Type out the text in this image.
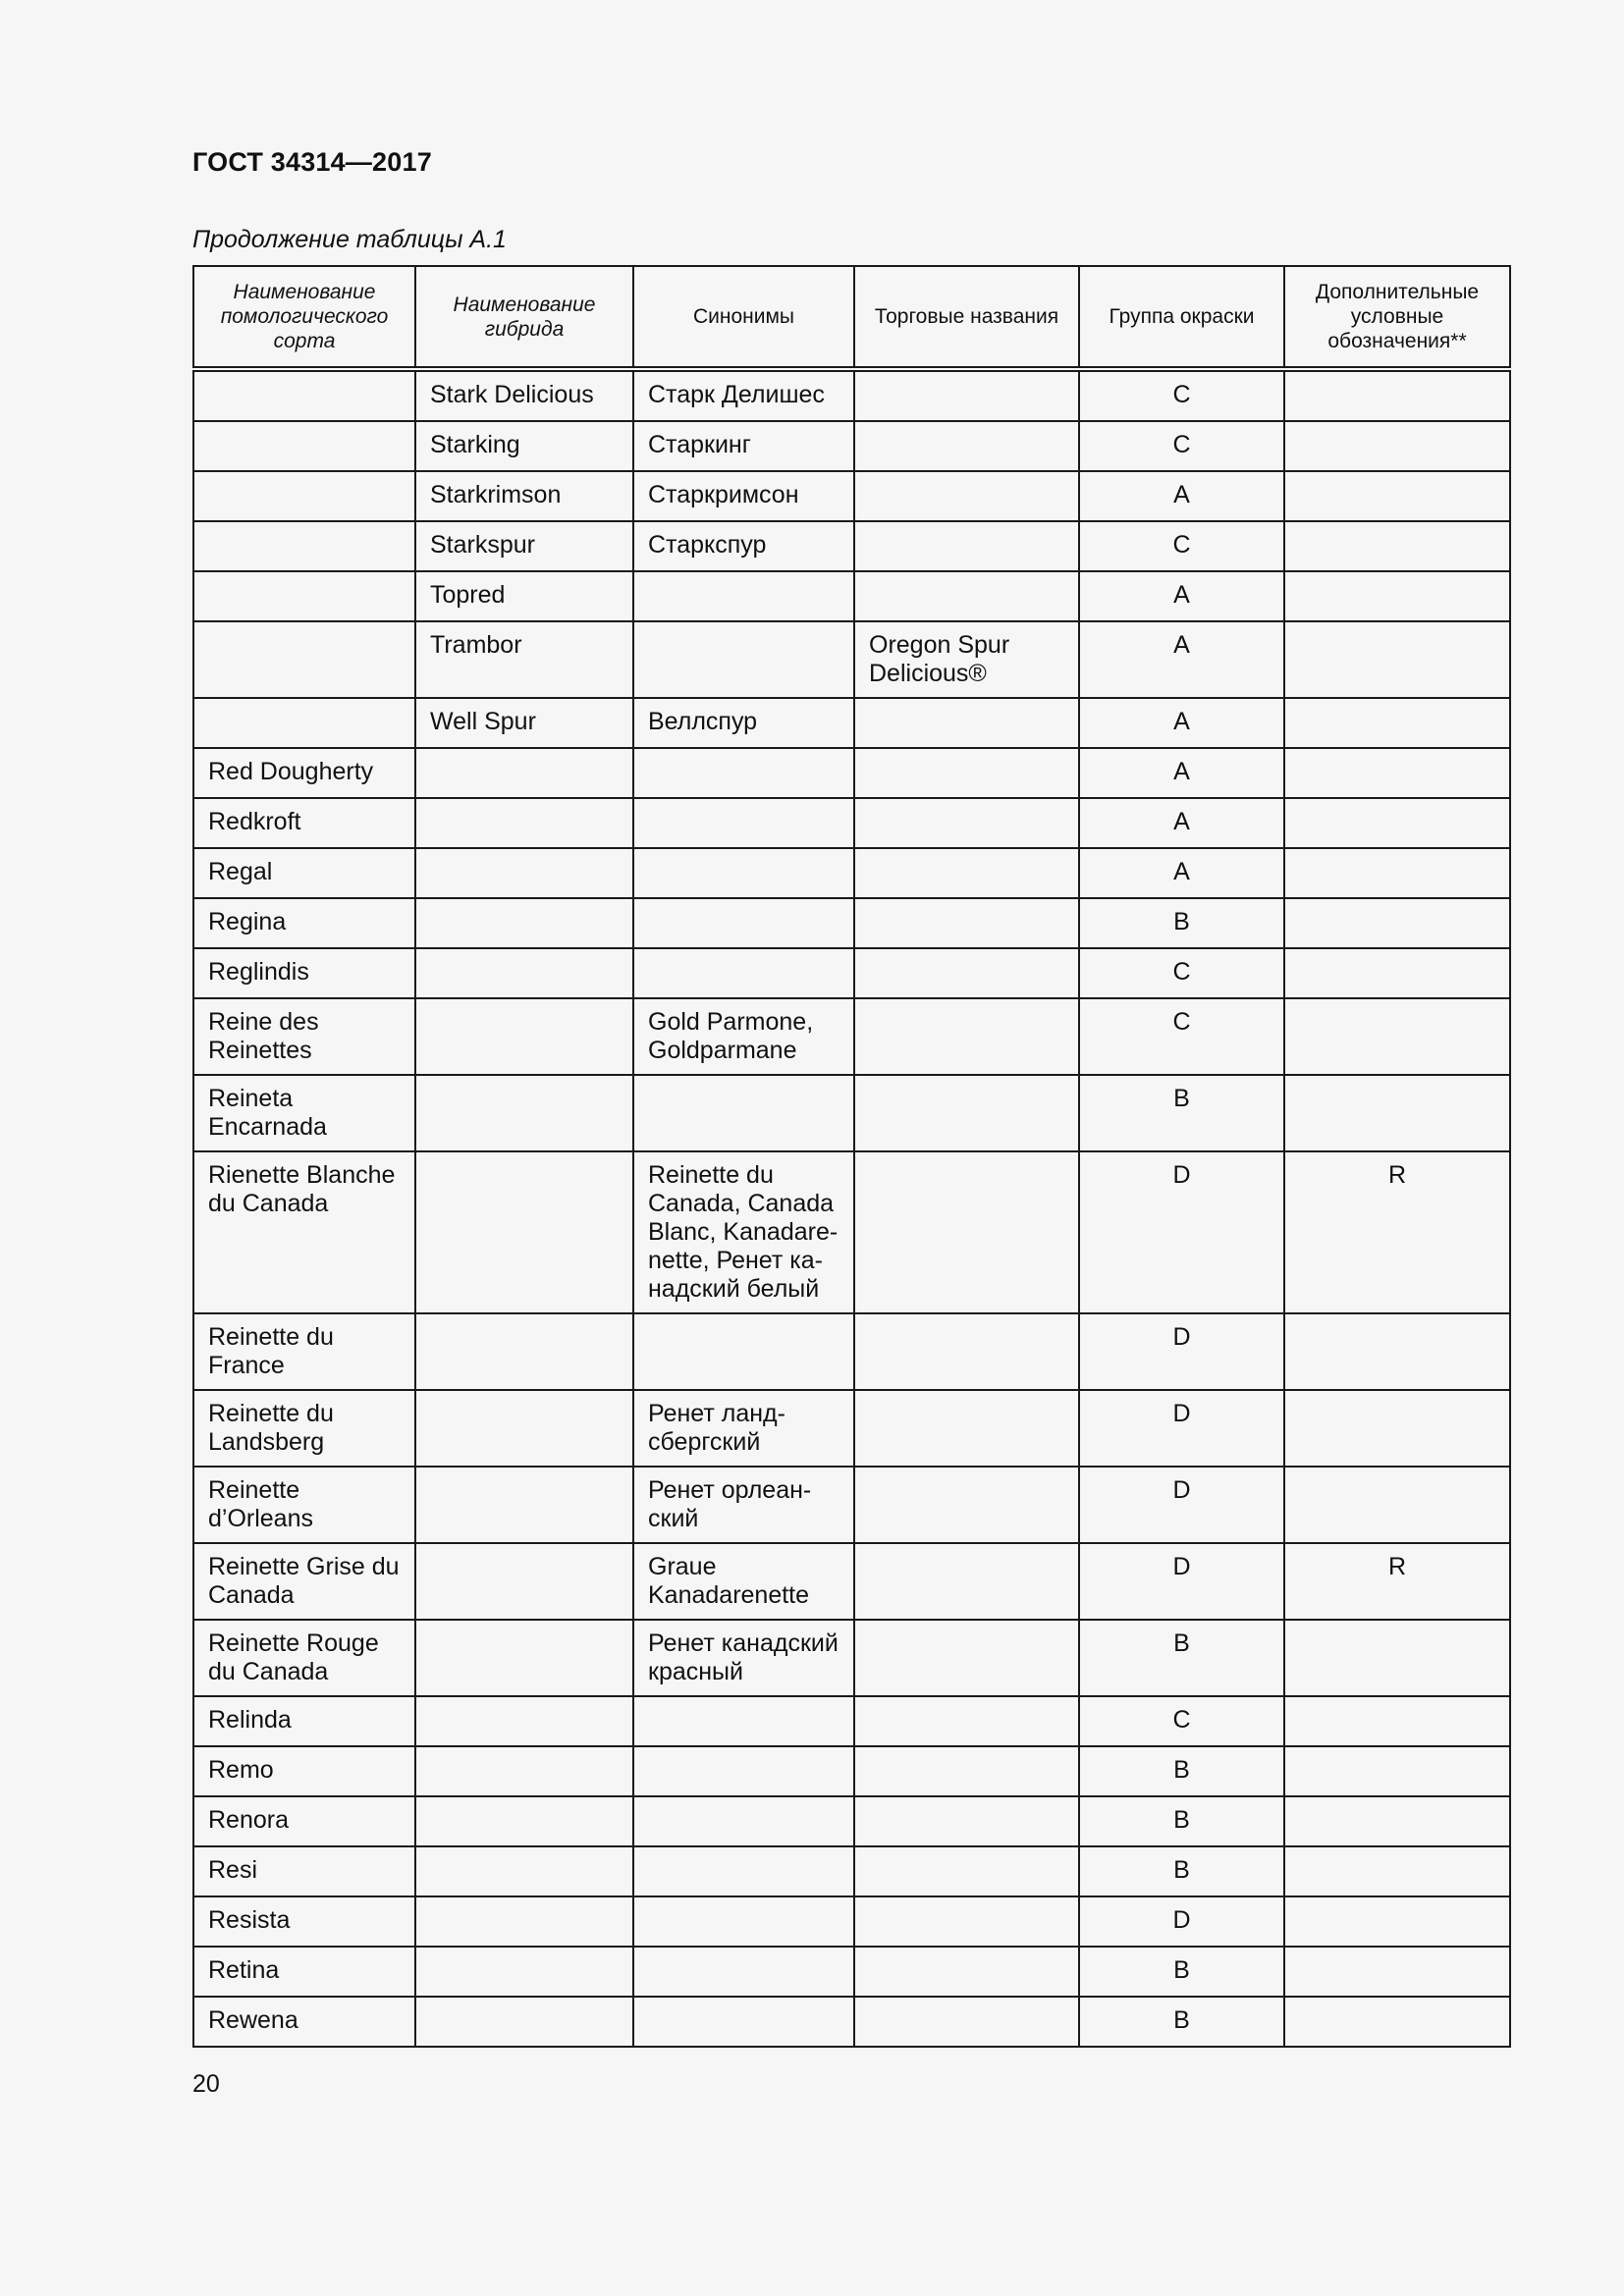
ГОСТ 34314—2017
Продолжение таблицы А.1
Наименование помологического сорта	Наименование гибрида	Синонимы	Торговые названия	Группа окраски	Дополнительные условные обозначения**
	Stark Delicious	Старк Делишес		C	
	Starking	Старкинг		C	
	Starkrimson	Старкримсон		A	
	Starkspur	Старкспур		C	
	Topred			A	
	Trambor		Oregon Spur Delicious®	A	
	Well Spur	Веллспур		A	
Red Dougherty				A	
Redkroft				A	
Regal				A	
Regina				B	
Reglindis				C	
Reine des Reinettes		Gold Parmone, Goldparmane		C	
Reineta Encarnada				B	
Rienette Blanche du Canada		Reinette du Canada, Canada Blanc, Kanadare-nette, Ренет ка-надский белый		D	R
Reinette du France				D	
Reinette du Landsberg		Ренет ланд-сбергский		D	
Reinette d’Orleans		Ренет орлеан-ский		D	
Reinette Grise du Canada		Graue Kanadarenette		D	R
Reinette Rouge du Canada		Ренет канадский красный		B	
Relinda				C	
Remo				B	
Renora				B	
Resi				B	
Resista				D	
Retina				B	
Rewena				B	
20
